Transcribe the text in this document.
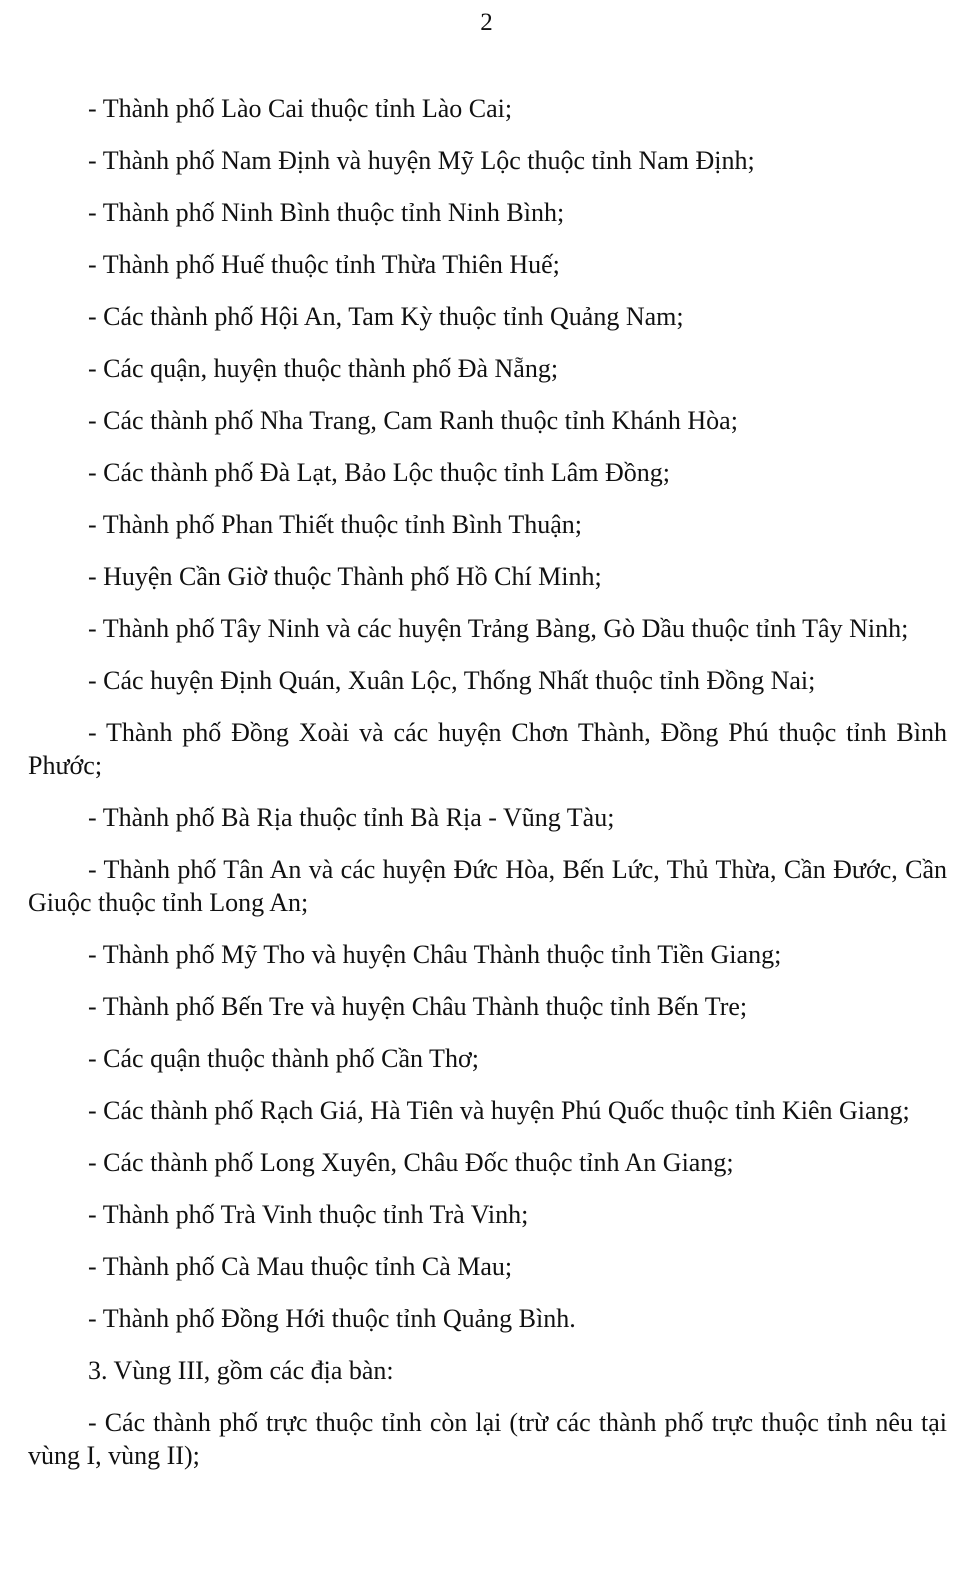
2

- Thành phố Lào Cai thuộc tỉnh Lào Cai;

- Thành phố Nam Định và huyện Mỹ Lộc thuộc tỉnh Nam Định;

- Thành phố Ninh Bình thuộc tỉnh Ninh Bình;

- Thành phố Huế thuộc tỉnh Thừa Thiên Huế;

- Các thành phố Hội An, Tam Kỳ thuộc tỉnh Quảng Nam;

- Các quận, huyện thuộc thành phố Đà Nẵng;

- Các thành phố Nha Trang, Cam Ranh thuộc tỉnh Khánh Hòa;

- Các thành phố Đà Lạt, Bảo Lộc thuộc tỉnh Lâm Đồng;

- Thành phố Phan Thiết thuộc tỉnh Bình Thuận;

- Huyện Cần Giờ thuộc Thành phố Hồ Chí Minh;

- Thành phố Tây Ninh và các huyện Trảng Bàng, Gò Dầu thuộc tỉnh Tây Ninh;

- Các huyện Định Quán, Xuân Lộc, Thống Nhất thuộc tỉnh Đồng Nai;

- Thành phố Đồng Xoài và các huyện Chơn Thành, Đồng Phú thuộc tỉnh Bình Phước;

- Thành phố Bà Rịa thuộc tỉnh Bà Rịa - Vũng Tàu;

- Thành phố Tân An và các huyện Đức Hòa, Bến Lức, Thủ Thừa, Cần Đước, Cần Giuộc thuộc tỉnh Long An;

- Thành phố Mỹ Tho và huyện Châu Thành thuộc tỉnh Tiền Giang;

- Thành phố Bến Tre và huyện Châu Thành thuộc tỉnh Bến Tre;

- Các quận thuộc thành phố Cần Thơ;

- Các thành phố Rạch Giá, Hà Tiên và huyện Phú Quốc thuộc tỉnh Kiên Giang;

- Các thành phố Long Xuyên, Châu Đốc thuộc tỉnh An Giang;

- Thành phố Trà Vinh thuộc tỉnh Trà Vinh;

- Thành phố Cà Mau thuộc tỉnh Cà Mau;

- Thành phố Đồng Hới thuộc tỉnh Quảng Bình.

3. Vùng III, gồm các địa bàn:

- Các thành phố trực thuộc tỉnh còn lại (trừ các thành phố trực thuộc tỉnh nêu tại vùng I, vùng II);
